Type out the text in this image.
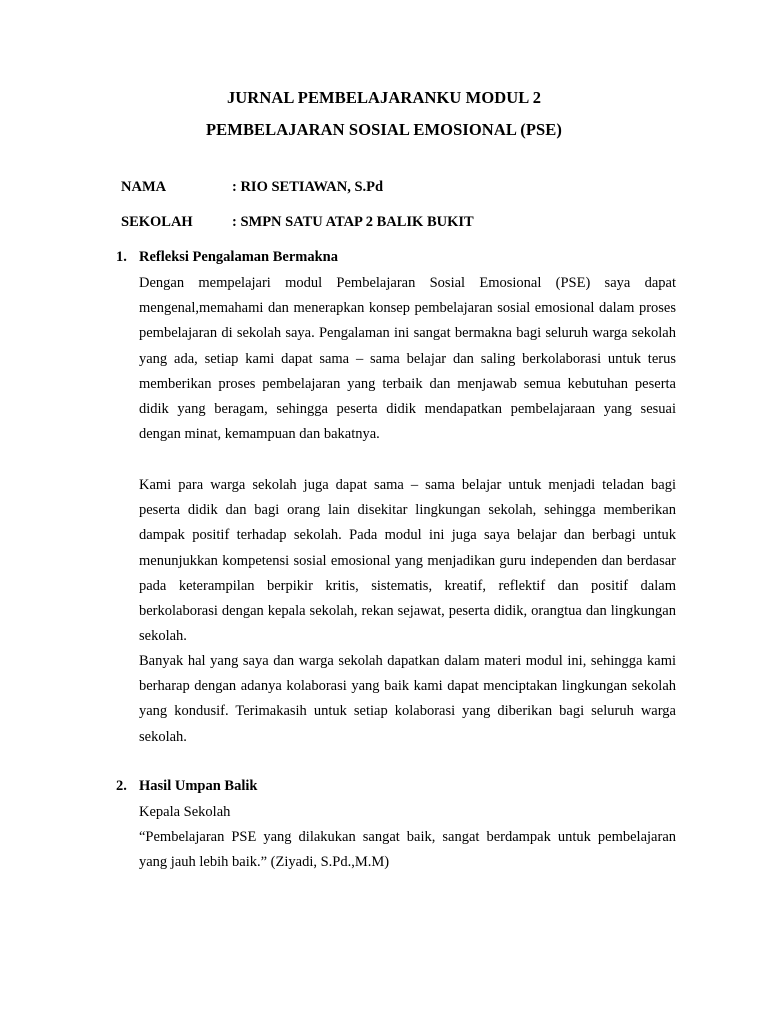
JURNAL PEMBELAJARANKU MODUL 2
PEMBELAJARAN SOSIAL EMOSIONAL (PSE)
NAMA	: RIO SETIAWAN, S.Pd
SEKOLAH	: SMPN SATU ATAP 2 BALIK BUKIT
1. Refleksi Pengalaman Bermakna

Dengan mempelajari modul Pembelajaran Sosial Emosional (PSE) saya dapat mengenal,memahami dan menerapkan konsep pembelajaran sosial emosional dalam proses pembelajaran di sekolah saya. Pengalaman ini sangat bermakna bagi seluruh warga sekolah yang ada, setiap kami dapat sama – sama belajar dan saling berkolaborasi untuk terus memberikan proses pembelajaran yang terbaik dan menjawab semua kebutuhan peserta didik yang beragam, sehingga peserta didik mendapatkan pembelajaraan yang sesuai dengan minat, kemampuan dan bakatnya.

Kami para warga sekolah juga dapat sama – sama belajar untuk menjadi teladan bagi peserta didik dan bagi orang lain disekitar lingkungan sekolah, sehingga memberikan dampak positif terhadap sekolah. Pada modul ini juga saya belajar dan berbagi untuk menunjukkan kompetensi sosial emosional yang menjadikan guru independen dan berdasar pada keterampilan berpikir kritis, sistematis, kreatif, reflektif dan positif dalam berkolaborasi dengan kepala sekolah, rekan sejawat, peserta didik, orangtua dan lingkungan sekolah.

Banyak hal yang saya dan warga sekolah dapatkan dalam materi modul ini, sehingga kami berharap dengan adanya kolaborasi yang baik kami dapat menciptakan lingkungan sekolah yang kondusif. Terimakasih untuk setiap kolaborasi yang diberikan bagi seluruh warga sekolah.

2. Hasil Umpan Balik

Kepala Sekolah

“Pembelajaran PSE yang dilakukan sangat baik, sangat berdampak untuk pembelajaran yang jauh lebih baik.” (Ziyadi, S.Pd.,M.M)
